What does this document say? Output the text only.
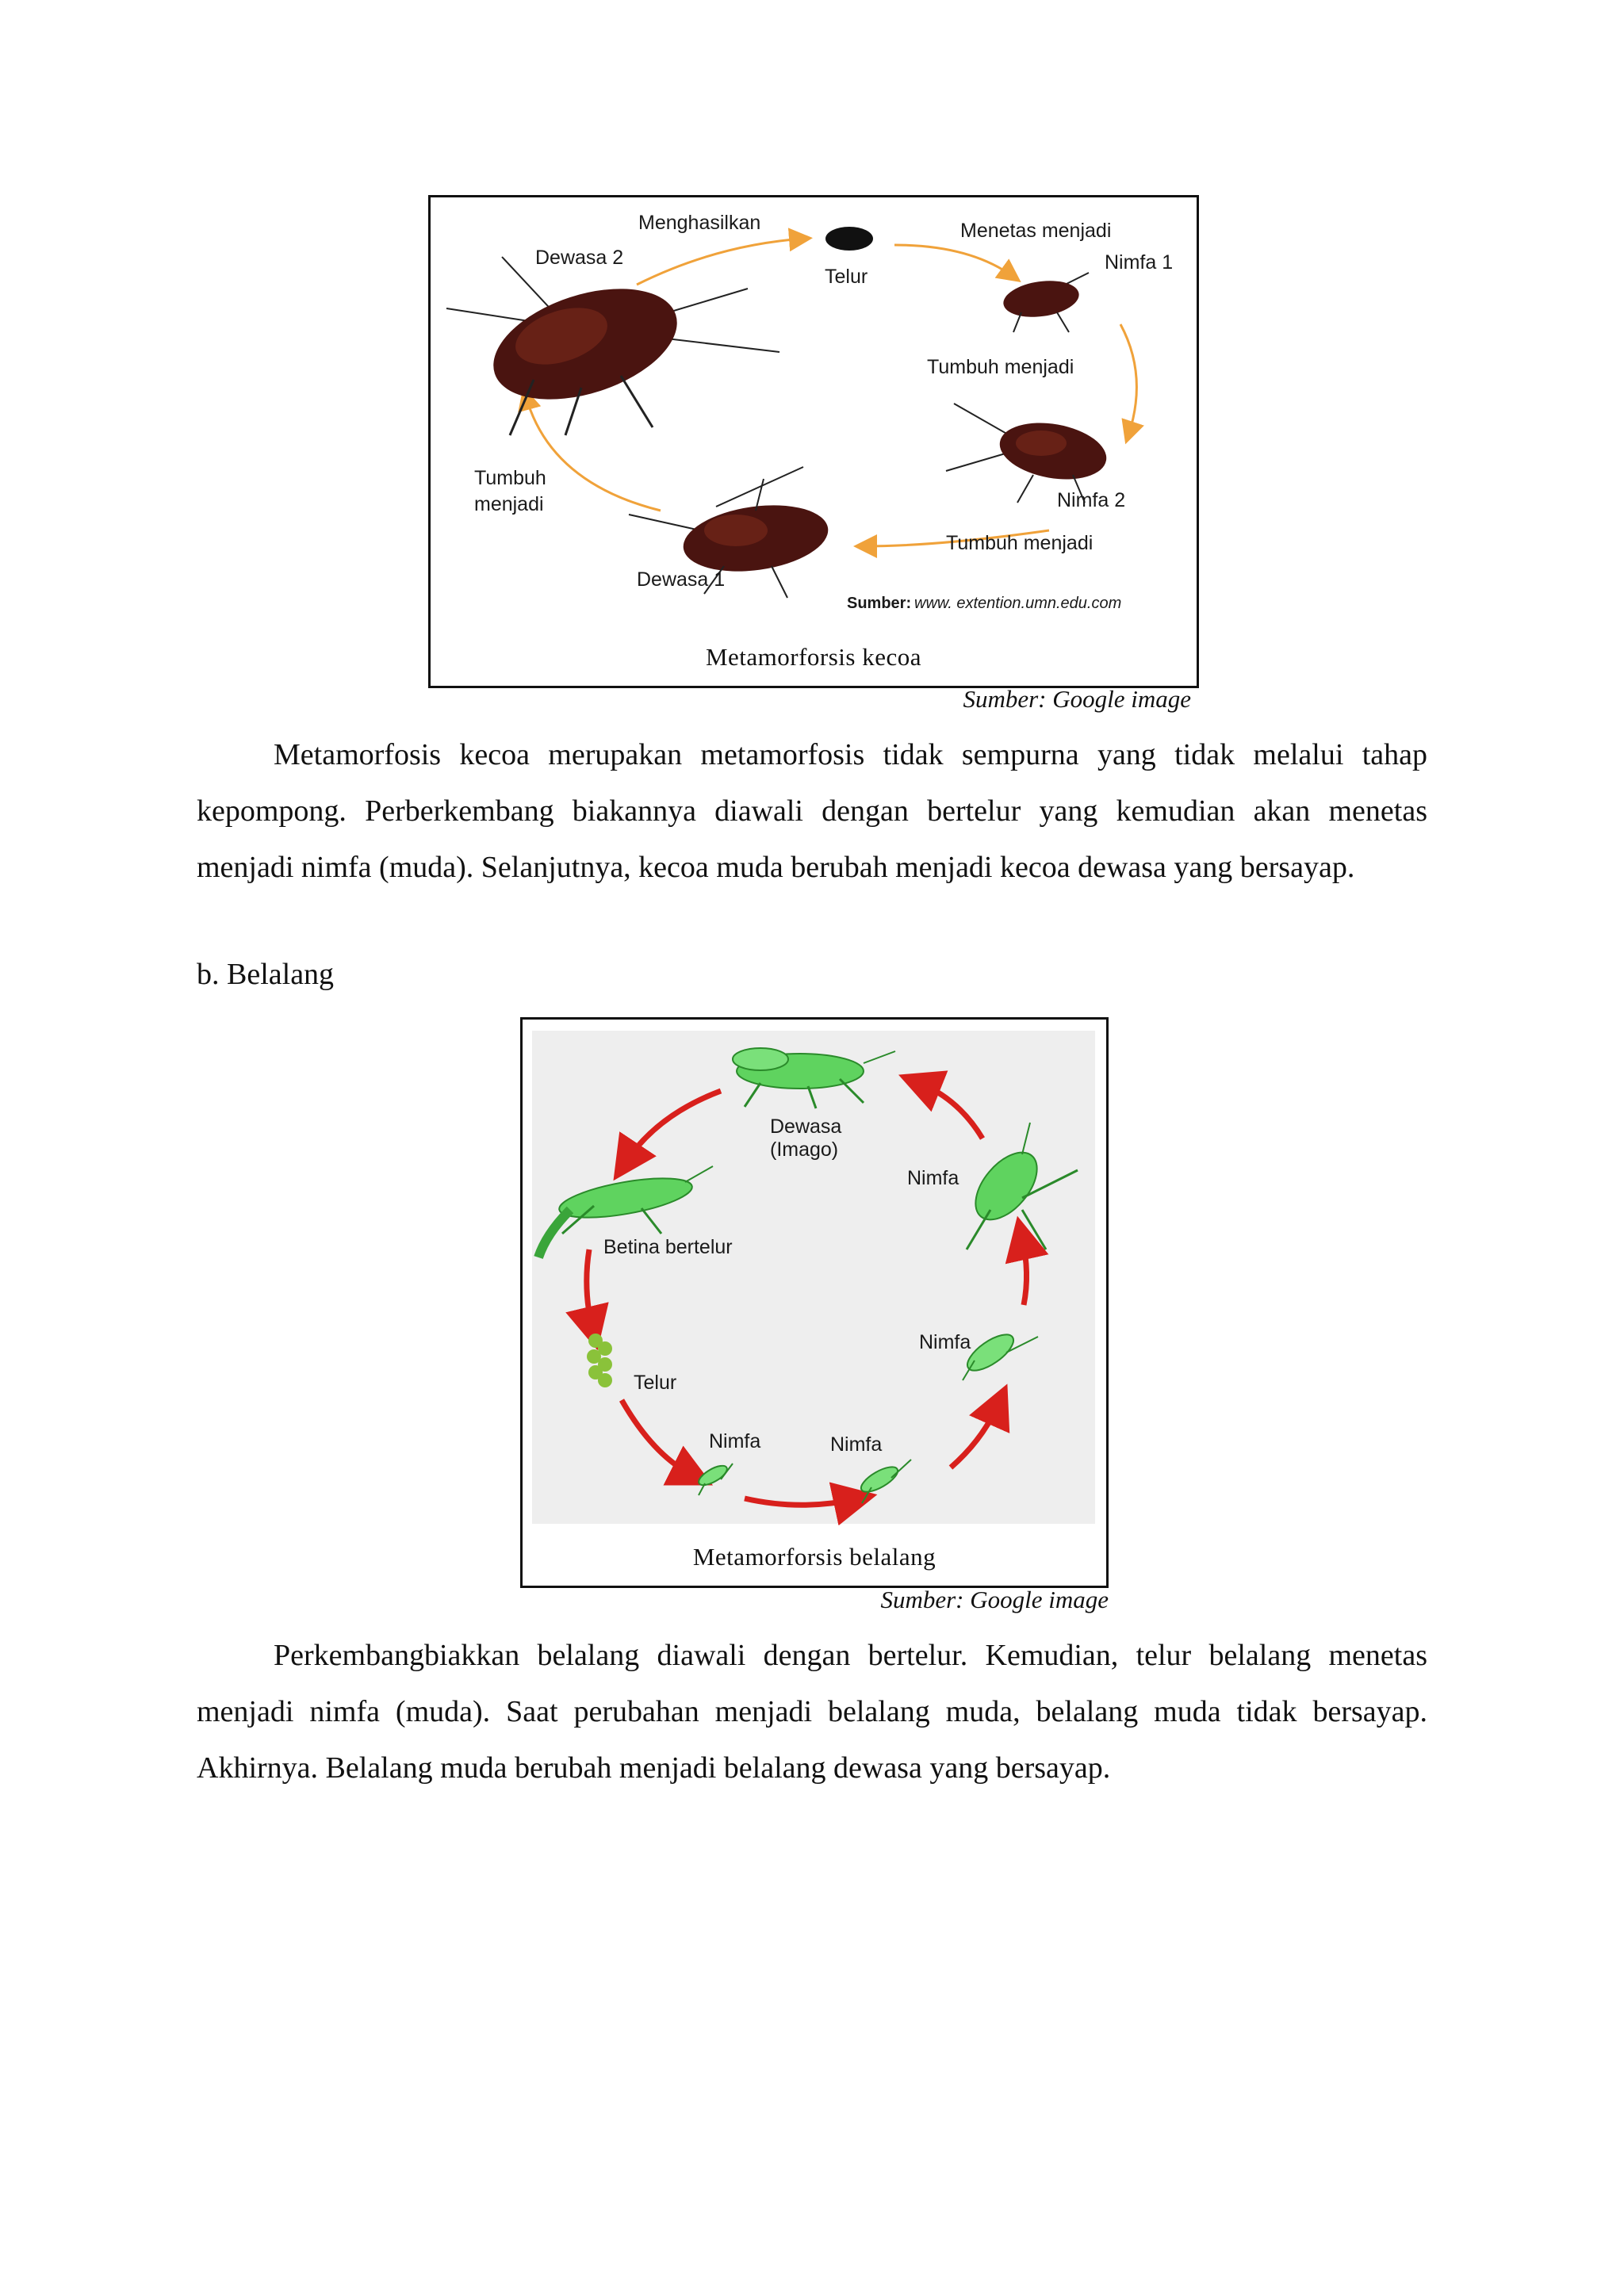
Menghasilkan
Dewasa 2
Telur
Menetas menjadi
Nimfa 1
Tumbuh menjadi
Nimfa 2
Tumbuh menjadi
Tumbuh
menjadi
Dewasa 1
Sumber: www. extention.umn.edu.com
Metamorforsis kecoa
Sumber: Google image

Metamorfosis kecoa merupakan metamorfosis tidak sempurna yang tidak melalui tahap kepompong. Perberkembang biakannya diawali dengan bertelur yang kemudian akan menetas menjadi nimfa (muda). Selanjutnya, kecoa muda berubah menjadi kecoa dewasa yang bersayap.

b. Belalang
Dewasa
(Imago)
Nimfa
Betina bertelur
Nimfa
Telur
Nimfa	Nimfa
Metamorforsis belalang
Sumber: Google image

Perkembangbiakkan belalang diawali dengan bertelur. Kemudian, telur belalang menetas menjadi nimfa (muda). Saat perubahan menjadi belalang muda, belalang muda tidak bersayap. Akhirnya. Belalang muda berubah menjadi belalang dewasa yang bersayap.
